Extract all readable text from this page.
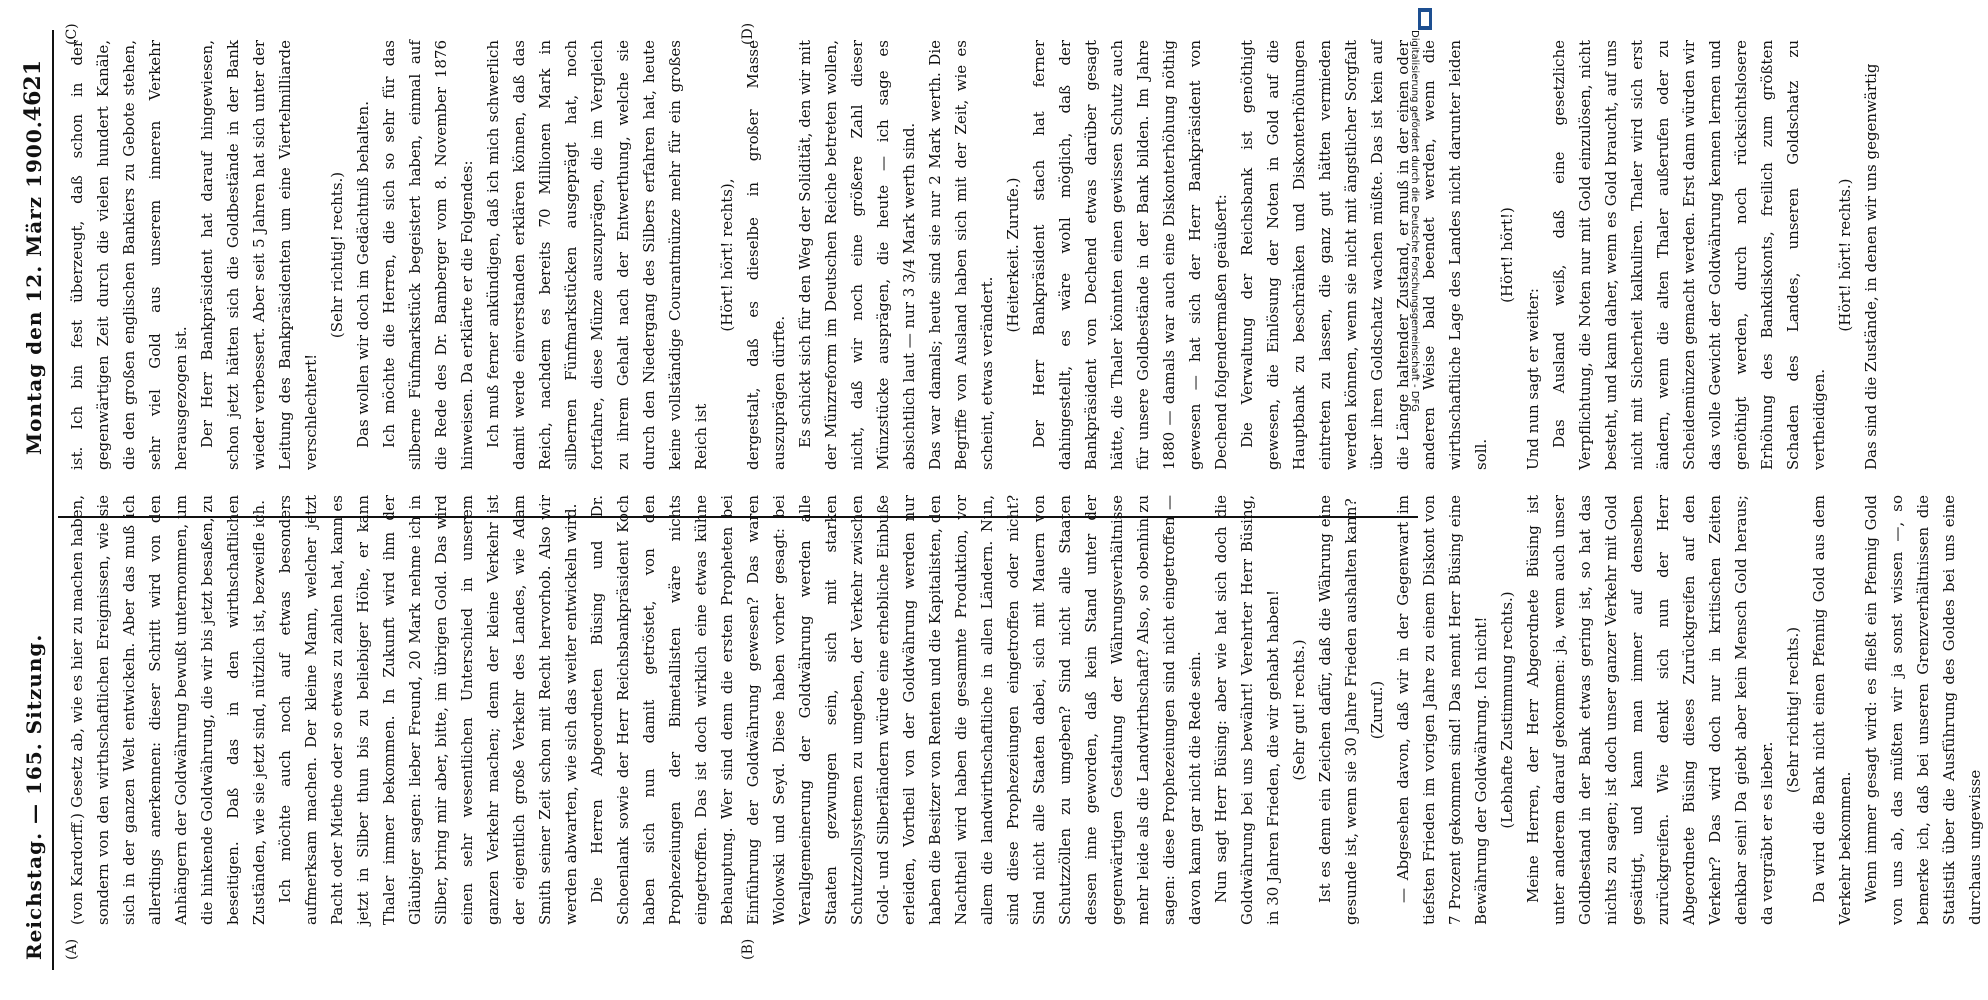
Reichstag. — 165. Sitzung.
Montag den 12. März 1900.
4621
(A)	(B)
(C)	(D)

(von Kardorff.) Gesetz ab, wie es hier zu machen haben, sondern von den wirthschaftlichen Ereignissen, wie sie sich in der ganzen Welt entwickeln. Aber das muß ich allerdings anerkennen: dieser Schritt wird von den Anhängern der Goldwährung bewußt unternommen, um die hinkende Goldwährung, die wir bis jetzt besaßen, zu beseitigen. Daß das in den wirthschaftlichen Zuständen, wie sie jetzt sind, nützlich ist, bezweifle ich. Ich möchte auch noch auf etwas besonders aufmerksam machen. Der kleine Mann, welcher jetzt Pacht oder Miethe oder so etwas zu zahlen hat, kann es jetzt in Silber thun bis zu beliebiger Höhe, er kann Thaler immer bekommen. In Zukunft wird ihm der Gläubiger sagen: lieber Freund, 20 Mark nehme ich in Silber, bring mir aber, bitte, im übrigen Gold. Das wird einen sehr wesentlichen Unterschied in unserem ganzen Verkehr machen; denn der kleine Verkehr ist der eigentlich große Verkehr des Landes, wie Adam Smith seiner Zeit schon mit Recht hervorhob. Also wir werden abwarten, wie sich das weiter entwickeln wird. Die Herren Abgeordneten Büsing und Dr. Schoenlank sowie der Herr Reichsbankpräsident Koch haben sich nun damit getröstet, von den Prophezeiungen der Bimetallisten wäre nichts eingetroffen. Das ist doch wirklich eine etwas kühne Behauptung. Wer sind denn die ersten Propheten bei Einführung der Goldwährung gewesen? Das waren Wolowski und Seyd. Diese haben vorher gesagt: bei Verallgemeinerung der Goldwährung werden alle Staaten gezwungen sein, sich mit starken Schutzzollsystemen zu umgeben, der Verkehr zwischen Gold- und Silberländern würde eine erhebliche Einbuße erleiden, Vortheil von der Goldwährung werden nur haben die Besitzer von Renten und die Kapitalisten, den Nachtheil wird haben die gesammte Produktion, vor allem die landwirthschaftliche in allen Ländern. Nun, sind diese Prophezeiungen eingetroffen oder nicht? Sind nicht alle Staaten dabei, sich mit Mauern von Schutzzöllen zu umgeben? Sind nicht alle Staaten dessen inne geworden, daß kein Stand unter der gegenwärtigen Gestaltung der Währungsverhältnisse mehr leide als die Landwirthschaft? Also, so obenhin zu sagen: diese Prophezeiungen sind nicht eingetroffen — davon kann gar nicht die Rede sein. Nun sagt Herr Büsing: aber wie hat sich doch die Goldwährung bei uns bewährt! Verehrter Herr Büsing, in 30 Jahren Frieden, die wir gehabt haben! (Sehr gut! rechts.) Ist es denn ein Zeichen dafür, daß die Währung eine gesunde ist, wenn sie 30 Jahre Frieden aushalten kann? (Zuruf.) — Abgesehen davon, daß wir in der Gegenwart im tiefsten Frieden im vorigen Jahre zu einem Diskont von 7 Prozent gekommen sind! Das nennt Herr Büsing eine Bewährung der Goldwährung. Ich nicht! (Lebhafte Zustimmung rechts.) Meine Herren, der Herr Abgeordnete Büsing ist unter anderem darauf gekommen: ja, wenn auch unser Goldbestand in der Bank etwas gering ist, so hat das nichts zu sagen; ist doch unser ganzer Verkehr mit Gold gesättigt, und kann man immer auf denselben zurückgreifen. Wie denkt sich nun der Herr Abgeordnete Büsing dieses Zurückgreifen auf den Verkehr? Das wird doch nur in kritischen Zeiten denkbar sein! Da giebt aber kein Mensch Gold heraus; da vergräbt er es lieber.

(Sehr richtig! rechts.) Da wird die Bank nicht einen Pfennig Gold aus dem Verkehr bekommen. Wenn immer gesagt wird: es fließt ein Pfennig Gold von uns ab, das müßten wir ja sonst wissen —, so bemerke ich, daß bei unseren Grenzverhältnissen die Statistik über die Ausführung des Goldes bei uns eine durchaus ungewisse

ist. Ich bin fest überzeugt, daß schon in der gegenwärtigen Zeit durch die vielen hundert Kanäle, die den großen englischen Bankiers zu Gebote stehen, sehr viel Gold aus unserem inneren Verkehr herausgezogen ist. Der Herr Bankpräsident hat darauf hingewiesen, schon jetzt hätten sich die Goldbestände in der Bank wieder verbessert. Aber seit 5 Jahren hat sich unter der Leitung des Bankpräsidenten um eine Viertelmilliarde verschlechtert!

(Sehr richtig! rechts.) Das wollen wir doch im Gedächtniß behalten. Ich möchte die Herren, die sich so sehr für das silberne Fünfmarkstück begeistert haben, einmal auf die Rede des Dr. Bamberger vom 8. November 1876 hinweisen. Da erklärte er die Folgendes: Ich muß ferner ankündigen, daß ich mich schwerlich damit werde einverstanden erklären können, daß das Reich, nachdem es bereits 70 Millionen Mark in silbernen Fünfmarkstücken ausgeprägt hat, noch fortfahre, diese Münze auszuprägen, die im Vergleich zu ihrem Gehalt nach der Entwerthung, welche sie durch den Niedergang des Silbers erfahren hat, heute keine vollständige Courantmünze mehr für ein großes Reich ist

(Hört! hört! rechts), dergestalt, daß es dieselbe in großer Masse auszuprägen dürfte. Es schickt sich für den Weg der Solidität, den wir mit der Münzreform im Deutschen Reiche betreten wollen, nicht, daß wir noch eine größere Zahl dieser Münzstücke ausprägen, die heute — ich sage es absichtlich laut — nur 3 3/4 Mark werth sind. Das war damals; heute sind sie nur 2 Mark werth. Die Begriffe von Ausland haben sich mit der Zeit, wie es scheint, etwas verändert.

(Heiterkeit. Zurufe.) Der Herr Bankpräsident stach hat ferner dahingestellt, es wäre wohl möglich, daß der Bankpräsident von Dechend etwas darüber gesagt hätte, die Thaler könnten einen gewissen Schutz auch für unsere Goldbestände in der Bank bilden. Im Jahre 1880 — damals war auch eine Diskonterhöhung nöthig gewesen — hat sich der Herr Bankpräsident von Dechend folgendermaßen geäußert: Die Verwaltung der Reichsbank ist genöthigt gewesen, die Einlösung der Noten in Gold auf die Hauptbank zu beschränken und Diskonterhöhungen eintreten zu lassen, die ganz gut hätten vermieden werden können, wenn sie nicht mit ängstlicher Sorgfalt über ihren Goldschatz wachen müßte. Das ist kein auf die Länge haltender Zustand, er muß in der einen oder anderen Weise bald beendet werden, wenn die wirthschaftliche Lage des Landes nicht darunter leiden soll.

(Hört! hört!)

Und nun sagt er weiter: Das Ausland weiß, daß eine gesetzliche Verpflichtung, die Noten nur mit Gold einzulösen, nicht besteht, und kann daher, wenn es Gold braucht, auf uns nicht mit Sicherheit kalkuliren. Thaler wird sich erst ändern, wenn die alten Thaler außerufen oder zu Scheidemünzen gemacht werden. Erst dann würden wir das volle Gewicht der Goldwährung kennen lernen und genöthigt werden, durch noch rücksichtslosere Erhöhung des Bankdiskonts, freilich zum größten Schaden des Landes, unseren Goldschatz zu vertheidigen.

(Hört! hört! rechts.) Das sind die Zustände, in denen wir uns gegenwärtig

Digitalisierung gefördert durch die Deutsche Forschungsgemeinschaft - DFG
